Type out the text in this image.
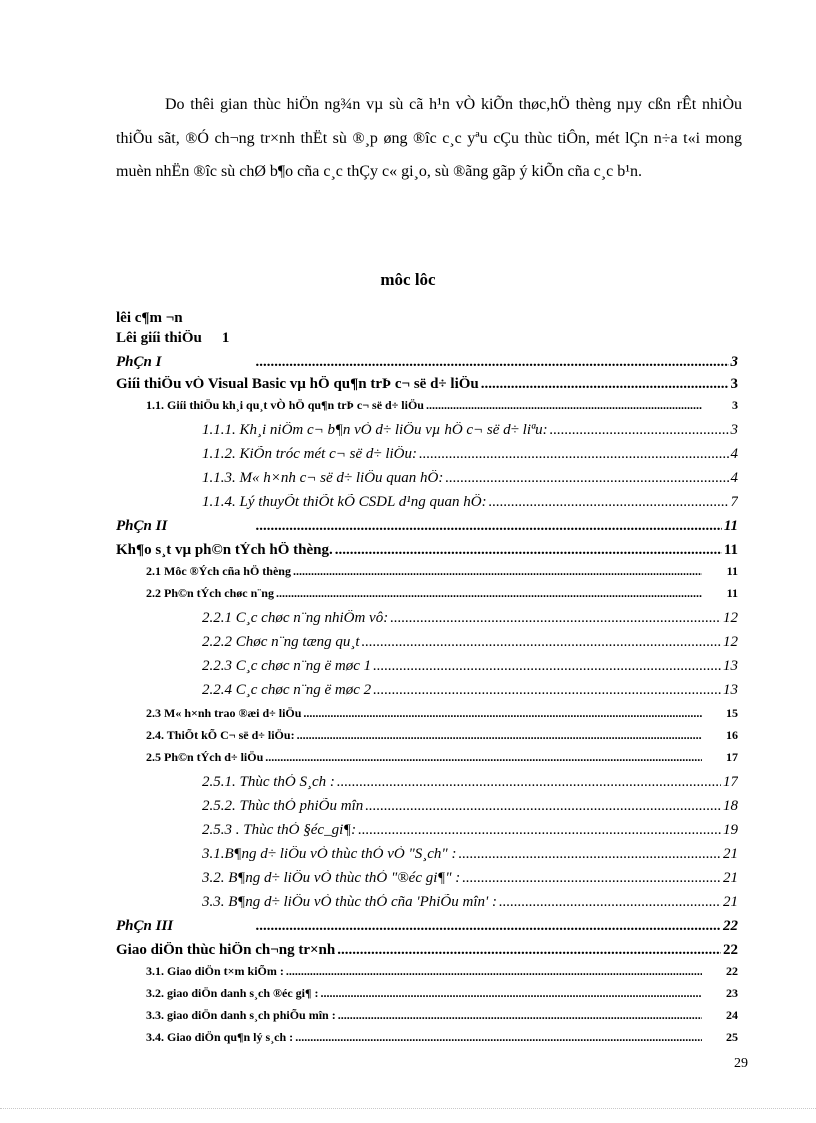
Do thêi gian thùc hiÖn ng¾n vµ sù cã h¹n vÒ kiÕn thøc,hÖ thèng nµy cßn rÊt nhiÒu thiÕu sãt, ®Ó ch¬ng tr×nh thËt sù ®¸p øng ®îc c¸c yªu cÇu thùc tiÔn, mét lÇn n÷a t«i mong muèn nhËn ®îc sù chØ b¶o cña c¸c thÇy c« gi¸o, sù ®ãng gãp ý kiÕn cña c¸c b¹n.

môc lôc
lêi c¶m ¬n
Lêi giíi thiÖu 1
PhÇn I .....	3
Giíi thiÖu vÒ Visual Basic vµ hÖ qu¶n trÞ c¬ së d÷ liÖu .....	3
1.1. Giíi thiÖu kh¸i qu¸t vÒ hÖ qu¶n trÞ c¬ së d÷ liÖu .....	3
1.1.1. Kh¸i niÖm c¬ b¶n vÒ d÷ liÖu vµ hÖ c¬ së d÷ liªu: .....	3
1.1.2. KiÕn tróc mét c¬ së d÷ liÖu: .....	4
1.1.3. M« h×nh c¬ së d÷ liÖu quan hÖ: .....	4
1.1.4. Lý thuyÕt thiÕt kÕ CSDL d¹ng quan hÖ: .....	7
PhÇn II .....	11
Kh¶o s¸t vµ ph©n tÝch hÖ thèng. .....	11
2.1 Môc ®Ých cña hÖ thèng .....	11
2.2 Ph©n tÝch chøc n¨ng .....	11
2.2.1 C¸c chøc n¨ng nhiÖm vô: .....	12
2.2.2 Chøc n¨ng tæng qu¸t .....	12
2.2.3 C¸c chøc n¨ng ë møc 1 .....	13
2.2.4 C¸c chøc n¨ng ë møc 2 .....	13
2.3 M« h×nh trao ®æi d÷ liÖu .....	15
2.4. ThiÕt kÕ C¬ së d÷ liÖu: .....	16
2.5 Ph©n tÝch d÷ liÖu .....	17
2.5.1. Thùc thÓ S¸ch : .....	17
2.5.2. Thùc thÓ phiÕu mîn .....	18
2.5.3 . Thùc thÓ §éc_gi¶: .....	19
3.1.B¶ng d÷ liÖu vÒ thùc thÓ vÒ "S¸ch" : .....	21
3.2. B¶ng d÷ liÖu vÒ thùc thÓ "®éc gi¶" : .....	21
3.3. B¶ng d÷ liÖu vÒ thùc thÓ cña 'PhiÕu mîn' : .....	21
PhÇn III .....	22
Giao diÖn thùc hiÖn ch¬ng tr×nh .....	22
3.1. Giao diÖn t×m kiÕm : .....	22
3.2. giao diÖn danh s¸ch ®éc gi¶ : .....	23
3.3. giao diÖn danh s¸ch phiÕu mîn : .....	24
3.4. Giao diÖn qu¶n lý s¸ch : .....	25
29
